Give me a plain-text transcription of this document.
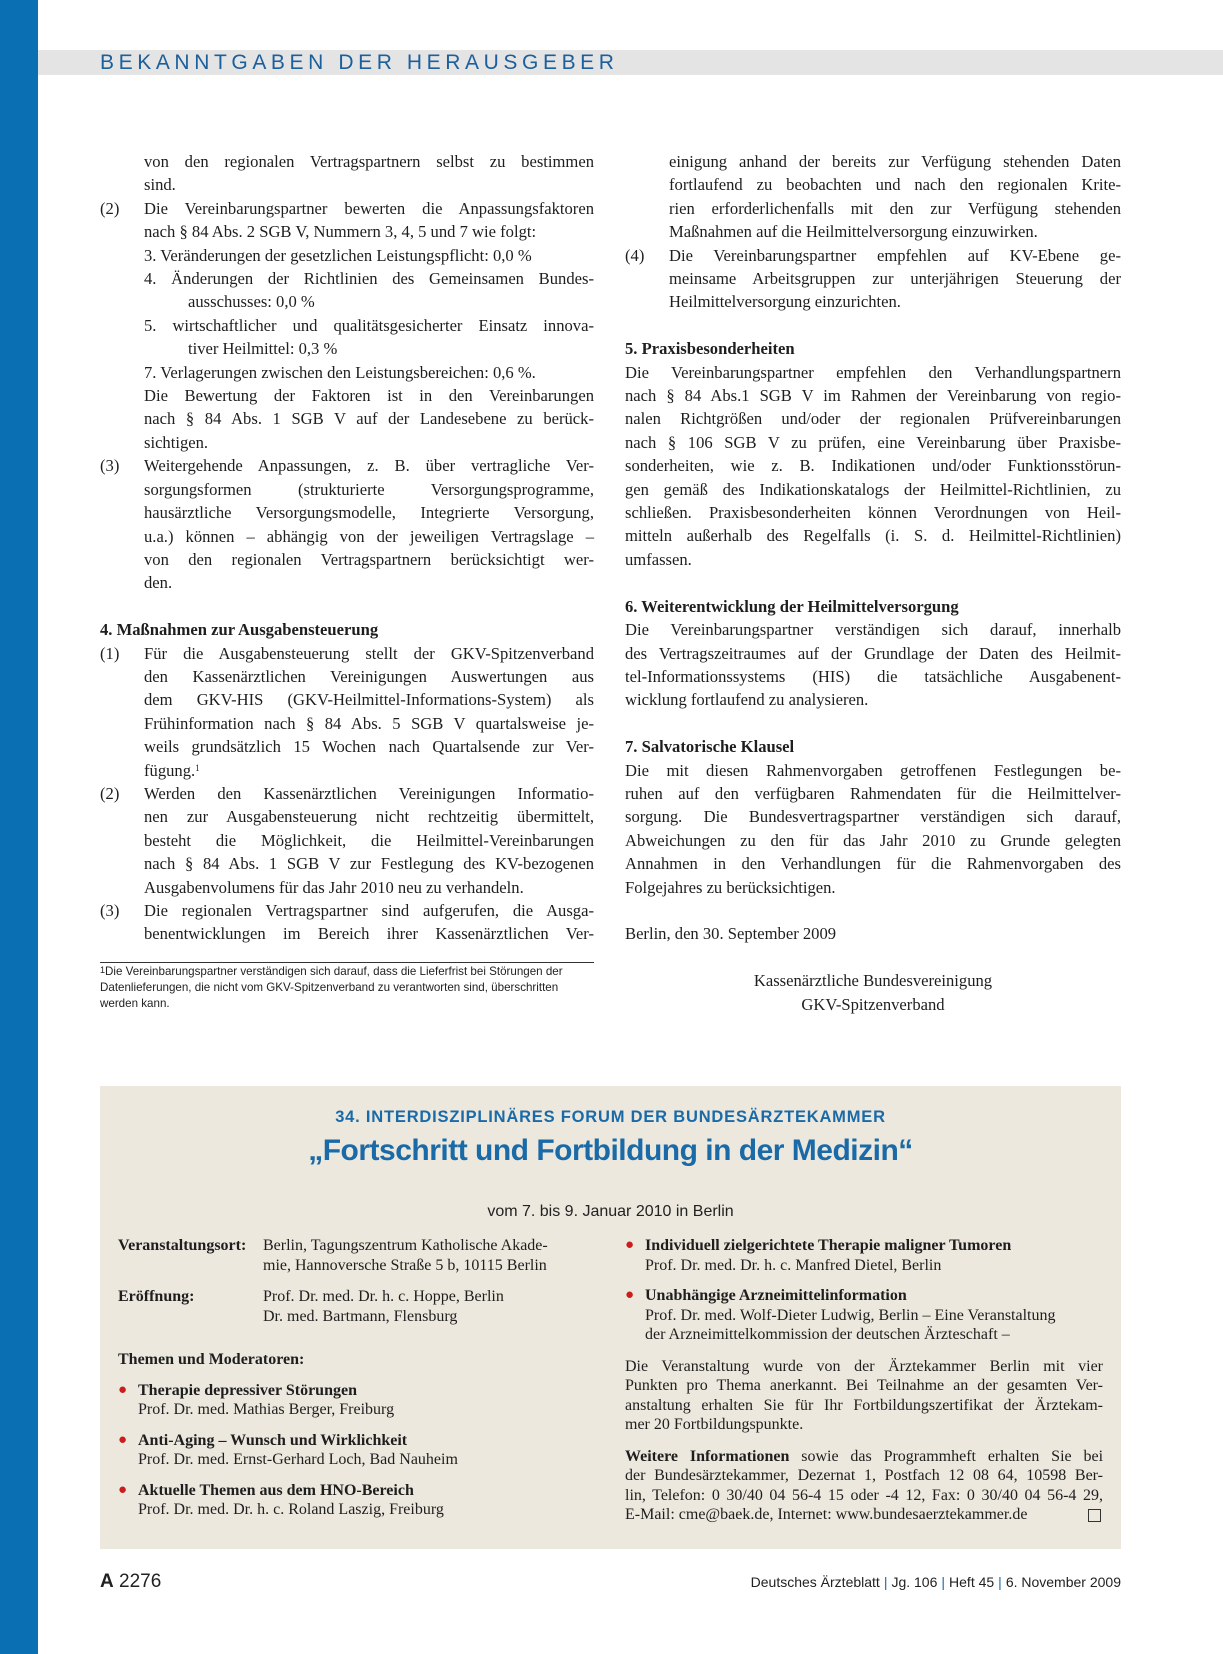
BEKANNTGABEN DER HERAUSGEBER

von den regionalen Vertragspartnern selbst zu bestimmen

sind.

(2) Die Vereinbarungspartner bewerten die Anpassungsfaktoren

nach § 84 Abs. 2 SGB V, Nummern 3, 4, 5 und 7 wie folgt:

3. Veränderungen der gesetzlichen Leistungspflicht: 0,0 %

4. Änderungen der Richtlinien des Gemeinsamen Bundes-

ausschusses: 0,0 %

5. wirtschaftlicher und qualitätsgesicherter Einsatz innova-

tiver Heilmittel: 0,3 %

7. Verlagerungen zwischen den Leistungsbereichen: 0,6 %.

Die Bewertung der Faktoren ist in den Vereinbarungen

nach § 84 Abs. 1 SGB V auf der Landesebene zu berück-

sichtigen.

(3) Weitergehende Anpassungen, z. B. über vertragliche Ver-

sorgungsformen (strukturierte Versorgungsprogramme,

hausärztliche Versorgungsmodelle, Integrierte Versorgung,

u.a.) können – abhängig von der jeweiligen Vertragslage –

von den regionalen Vertragspartnern berücksichtigt wer-

den.

4. Maßnahmen zur Ausgabensteuerung

(1) Für die Ausgabensteuerung stellt der GKV-Spitzenverband

den Kassenärztlichen Vereinigungen Auswertungen aus

dem GKV-HIS (GKV-Heilmittel-Informations-System) als

Frühinformation nach § 84 Abs. 5 SGB V quartalsweise je-

weils grundsätzlich 15 Wochen nach Quartalsende zur Ver-

fügung.$^1$

(2) Werden den Kassenärztlichen Vereinigungen Informatio-

nen zur Ausgabensteuerung nicht rechtzeitig übermittelt,

besteht die Möglichkeit, die Heilmittel-Vereinbarungen

nach § 84 Abs. 1 SGB V zur Festlegung des KV-bezogenen

Ausgabenvolumens für das Jahr 2010 neu zu verhandeln.

(3) Die regionalen Vertragspartner sind aufgerufen, die Ausga-

benentwicklungen im Bereich ihrer Kassenärztlichen Ver-

einigung anhand der bereits zur Verfügung stehenden Daten

fortlaufend zu beobachten und nach den regionalen Krite-

rien erforderlichenfalls mit den zur Verfügung stehenden

Maßnahmen auf die Heilmittelversorgung einzuwirken.

(4) Die Vereinbarungspartner empfehlen auf KV-Ebene ge-

meinsame Arbeitsgruppen zur unterjährigen Steuerung der

Heilmittelversorgung einzurichten.

5. Praxisbesonderheiten

Die Vereinbarungspartner empfehlen den Verhandlungspartnern

nach § 84 Abs.1 SGB V im Rahmen der Vereinbarung von regio-

nalen Richtgrößen und/oder der regionalen Prüfvereinbarungen

nach § 106 SGB V zu prüfen, eine Vereinbarung über Praxisbe-

sonderheiten, wie z. B. Indikationen und/oder Funktionsstörun-

gen gemäß des Indikationskatalogs der Heilmittel-Richtlinien, zu

schließen. Praxisbesonderheiten können Verordnungen von Heil-

mitteln außerhalb des Regelfalls (i. S. d. Heilmittel-Richtlinien)

umfassen.

6. Weiterentwicklung der Heilmittelversorgung

Die Vereinbarungspartner verständigen sich darauf, innerhalb

des Vertragszeitraumes auf der Grundlage der Daten des Heilmit-

tel-Informationssystems (HIS) die tatsächliche Ausgabenent-

wicklung fortlaufend zu analysieren.

7. Salvatorische Klausel

Die mit diesen Rahmenvorgaben getroffenen Festlegungen be-

ruhen auf den verfügbaren Rahmendaten für die Heilmittelver-

sorgung. Die Bundesvertragspartner verständigen sich darauf,

Abweichungen zu den für das Jahr 2010 zu Grunde gelegten

Annahmen in den Verhandlungen für die Rahmenvorgaben des

Folgejahres zu berücksichtigen.

Berlin, den 30. September 2009

Kassenärztliche Bundesvereinigung

GKV-Spitzenverband

$^1$Die Vereinbarungspartner verständigen sich darauf, dass die Lieferfrist bei Störungen der

Datenlieferungen, die nicht vom GKV-Spitzenverband zu verantworten sind, überschritten

werden kann.

34. INTERDISZIPLINÄRES FORUM DER BUNDESÄRZTEKAMMER
„Fortschritt und Fortbildung in der Medizin“
vom 7. bis 9. Januar 2010 in Berlin
Veranstaltungsort:	Berlin, Tagungszentrum Katholische Akade-

mie, Hannoversche Straße 5 b, 10115 Berlin

Eröffnung:	Prof. Dr. med. Dr. h. c. Hoppe, Berlin

Dr. med. Bartmann, Flensburg

Themen und Moderatoren:

● Therapie depressiver Störungen

Prof. Dr. med. Mathias Berger, Freiburg

● Anti-Aging – Wunsch und Wirklichkeit

Prof. Dr. med. Ernst-Gerhard Loch, Bad Nauheim

● Aktuelle Themen aus dem HNO-Bereich

Prof. Dr. med. Dr. h. c. Roland Laszig, Freiburg

● Individuell zielgerichtete Therapie maligner Tumoren

Prof. Dr. med. Dr. h. c. Manfred Dietel, Berlin

● Unabhängige Arzneimittelinformation

Prof. Dr. med. Wolf-Dieter Ludwig, Berlin – Eine Veranstaltung

der Arzneimittelkommission der deutschen Ärzteschaft –

Die Veranstaltung wurde von der Ärztekammer Berlin mit vier

Punkten pro Thema anerkannt. Bei Teilnahme an der gesamten Ver-

anstaltung erhalten Sie für Ihr Fortbildungszertifikat der Ärztekam-

mer 20 Fortbildungspunkte.

Weitere Informationen sowie das Programmheft erhalten Sie bei

der Bundesärztekammer, Dezernat 1, Postfach 12 08 64, 10598 Ber-

lin, Telefon: 0 30/40 04 56-4 15 oder -4 12, Fax: 0 30/40 04 56-4 29,

E-Mail: cme@baek.de, Internet: www.bundesaerztekammer.de

A 2276	Deutsches Ärzteblatt | Jg. 106 | Heft 45 | 6. November 2009
